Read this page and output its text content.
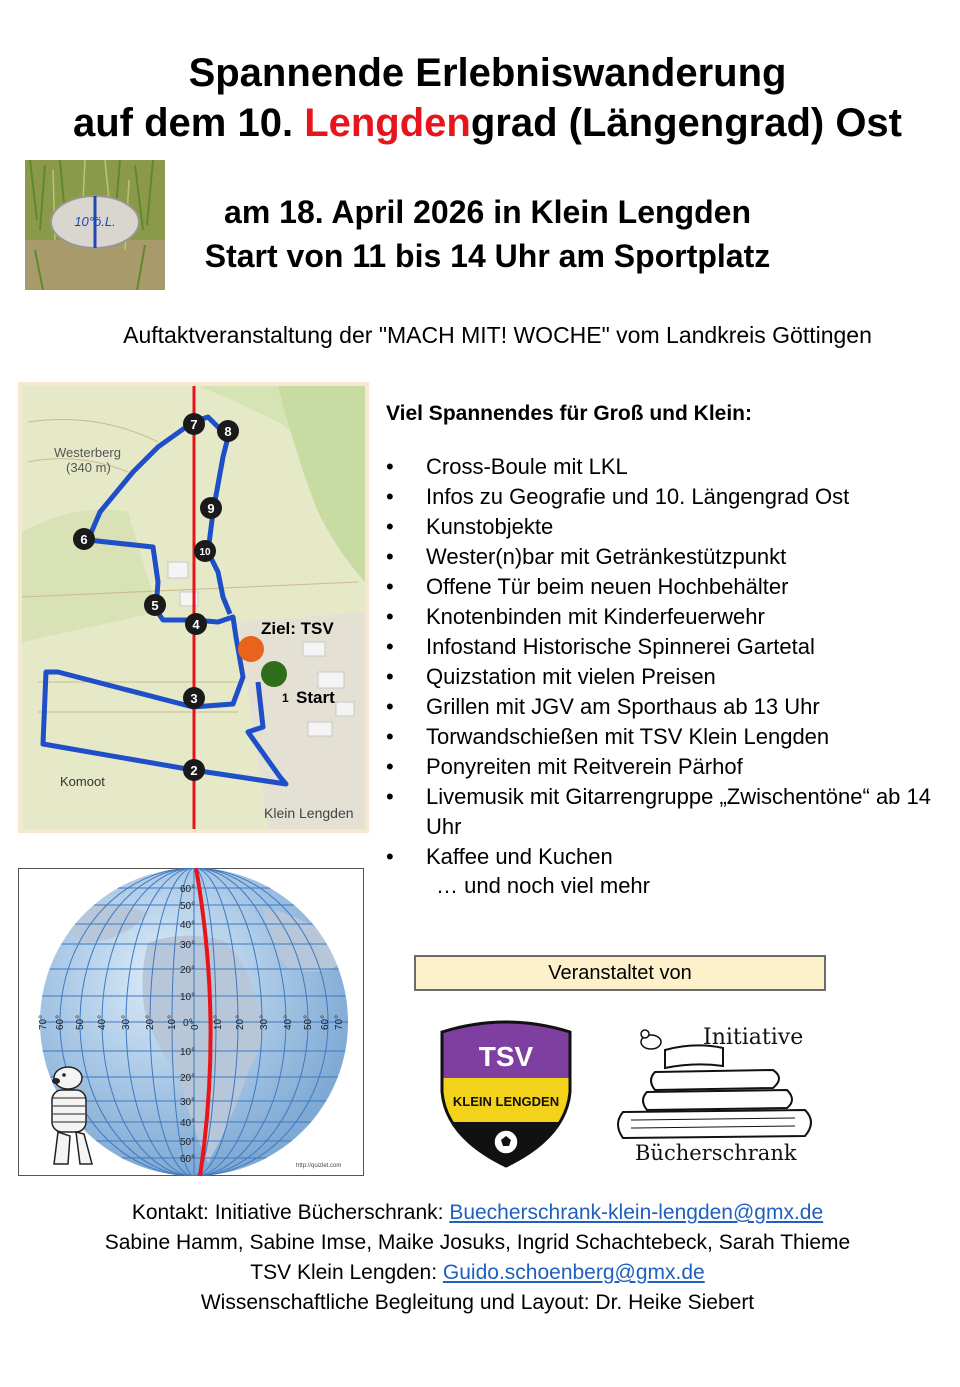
Spannende Erlebniswanderung
auf dem 10. Lengdengrad (Längengrad) Ost
10°ö.L.	am 18. April 2026 in Klein Lengden
Start von 11 bis 14 Uhr am Sportplatz
Auftaktveranstaltung der "MACH MIT! WOCHE" vom Landkreis Göttingen
Westerberg
(340 m)
Ziel: TSV
1 Start
Komoot
Klein Lengden
2
3
4
5
6
7 8
9
10
60°
50°
40°
30°
20°
10°
0°
10°
20°
30°
40°
50°
60°
70° 60° 50° 40° 30° 20° 10° 0° 10° 20° 30° 40° 50° 60° 70°
http://quizlet.com
Viel Spannendes für Groß und Klein:
• Cross-Boule mit LKL
• Infos zu Geografie und 10. Längengrad Ost
• Kunstobjekte
• Wester(n)bar mit Getränkestützpunkt
• Offene Tür beim neuen Hochbehälter
• Knotenbinden mit Kinderfeuerwehr
• Infostand Historische Spinnerei Gartetal
• Quizstation mit vielen Preisen
• Grillen mit JGV am Sporthaus ab 13 Uhr
• Torwandschießen mit TSV Klein Lengden
• Ponyreiten mit Reitverein Pärhof
• Livemusik mit Gitarrengruppe „Zwischentöne“ ab 14 Uhr
• Kaffee und Kuchen
… und noch viel mehr
Veranstaltet von
TSV
KLEIN LENGDEN
Initiative
Bücherschrank
Kontakt: Initiative Bücherschrank: Buecherschrank-klein-lengden@gmx.de
Sabine Hamm, Sabine Imse, Maike Josuks, Ingrid Schachtebeck, Sarah Thieme
TSV Klein Lengden: Guido.schoenberg@gmx.de
Wissenschaftliche Begleitung und Layout: Dr. Heike Siebert
